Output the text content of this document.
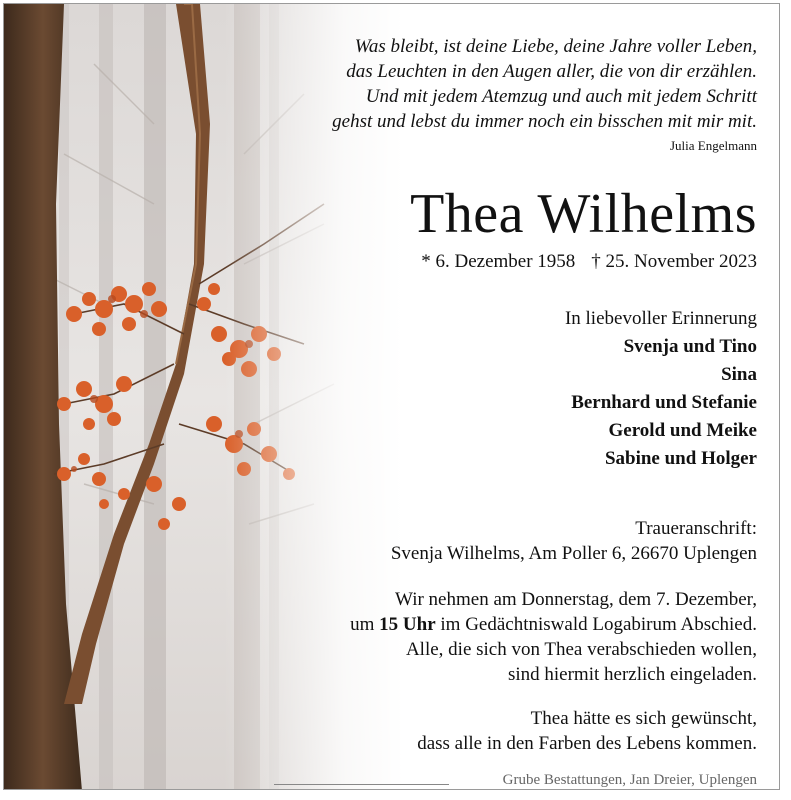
Was bleibt, ist deine Liebe, deine Jahre voller Leben,
das Leuchten in den Augen aller, die von dir erzählen.
Und mit jedem Atemzug und auch mit jedem Schritt
gehst und lebst du immer noch ein bisschen mit mir mit.
Julia Engelmann
Thea Wilhelms
* 6. Dezember 1958 † 25. November 2023
In liebevoller Erinnerung
Svenja und Tino
Sina
Bernhard und Stefanie
Gerold und Meike
Sabine und Holger
Traueranschrift:
Svenja Wilhelms, Am Poller 6, 26670 Uplengen
Wir nehmen am Donnerstag, dem 7. Dezember,
um 15 Uhr im Gedächtniswald Logabirum Abschied.
Alle, die sich von Thea verabschieden wollen,
sind hiermit herzlich eingeladen.
Thea hätte es sich gewünscht,
dass alle in den Farben des Lebens kommen.
Grube Bestattungen, Jan Dreier, Uplengen
